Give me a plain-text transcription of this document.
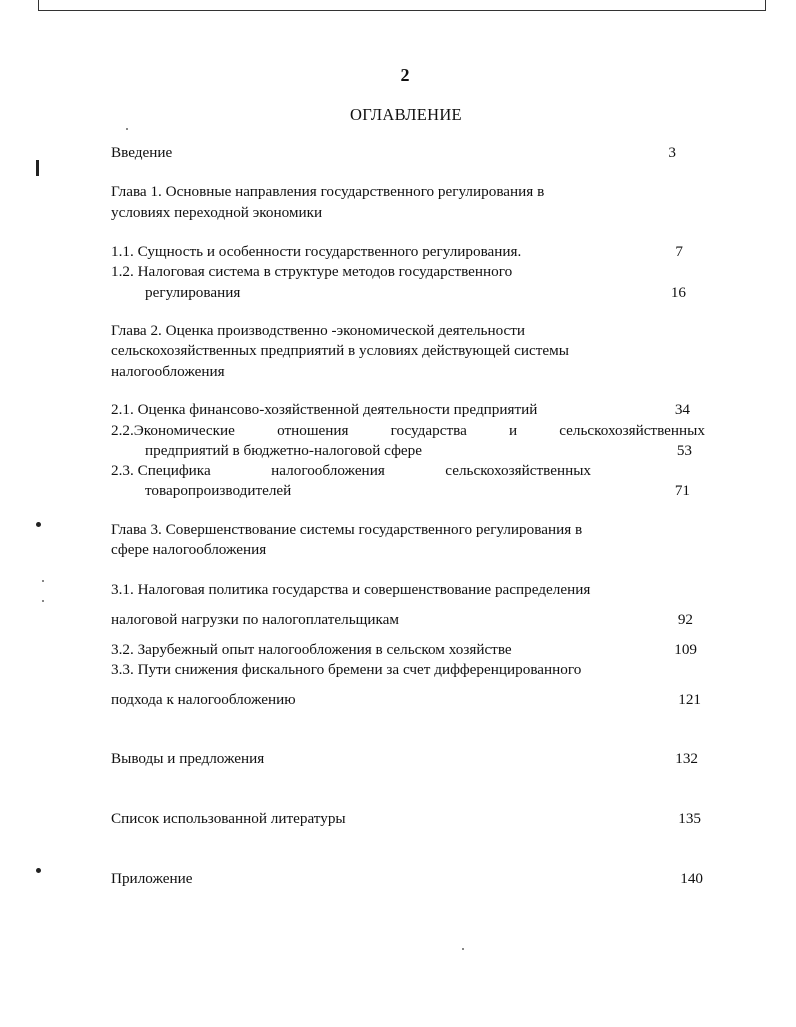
2
ОГЛАВЛЕНИЕ
Введение	3
Глава 1. Основные направления государственного регулирования в
условиях переходной экономики
1.1. Сущность и особенности государственного регулирования.	7
1.2. Налоговая система в структуре методов государственного
регулирования	16
Глава 2. Оценка производственно -экономической деятельности
сельскохозяйственных предприятий в условиях действующей системы
налогообложения
2.1. Оценка финансово-хозяйственной деятельности предприятий	34
2.2.Экономические	отношения	государства	и	сельскохозяйственных
предприятий в бюджетно-налоговой сфере	53
2.3. Специфика	налогообложения	сельскохозяйственных
товаропроизводителей	71
Глава 3. Совершенствование системы государственного регулирования в
сфере налогообложения
3.1. Налоговая политика государства и совершенствование распределения
налоговой нагрузки по налогоплательщикам	92
3.2. Зарубежный опыт налогообложения в сельском хозяйстве	109
3.3. Пути снижения фискального бремени за счет дифференцированного
подхода к налогообложению	121
Выводы и предложения	132
Список использованной литературы	135
Приложение	140
